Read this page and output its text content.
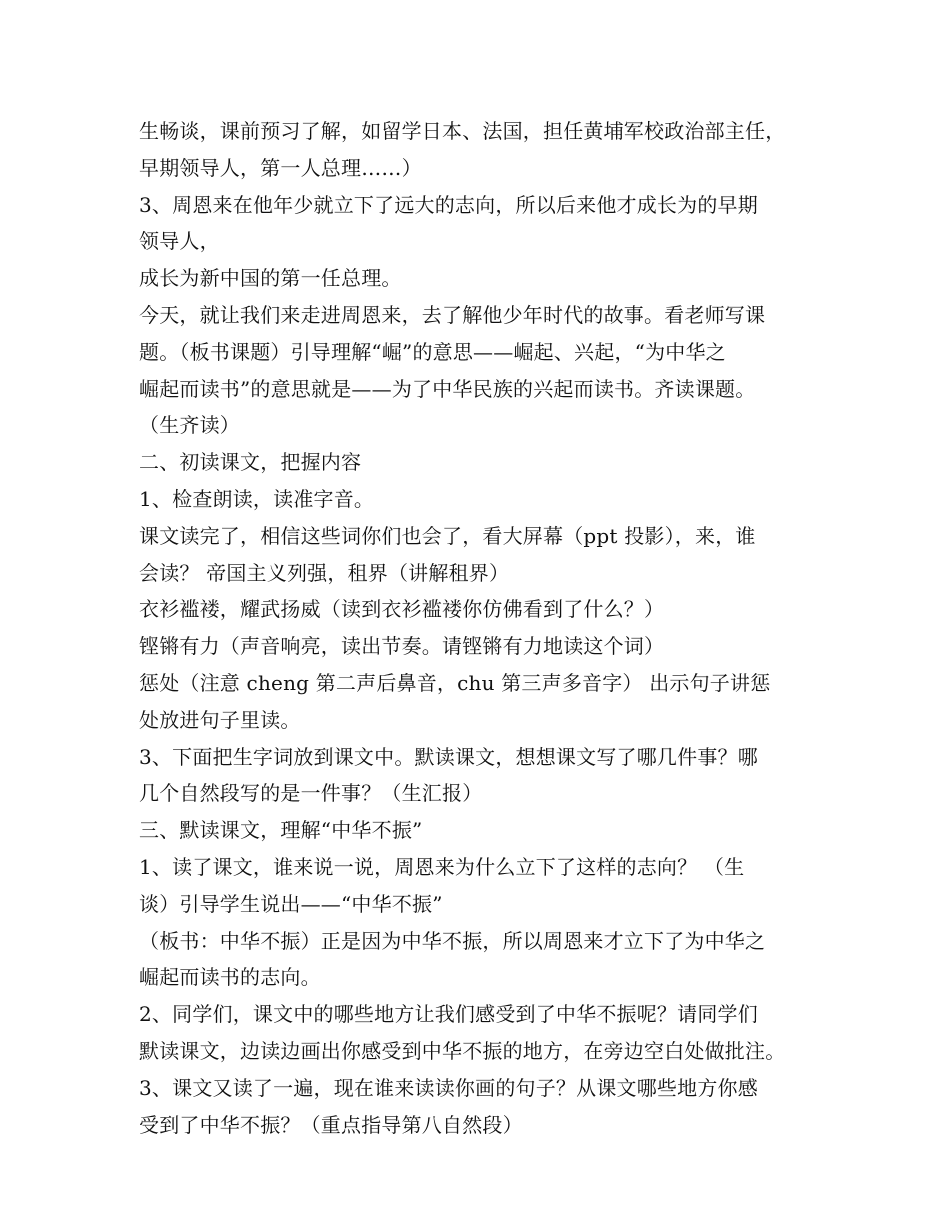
生畅谈，课前预习了解，如留学日本、法国，担任黄埔军校政治部主任，
早期领导人，第一人总理……）
3、周恩来在他年少就立下了远大的志向，所以后来他才成长为的早期
领导人，
成长为新中国的第一任总理。
今天，就让我们来走进周恩来，去了解他少年时代的故事。看老师写课
题。（板书课题）引导理解“崛”的意思——崛起、兴起，“为中华之
崛起而读书”的意思就是——为了中华民族的兴起而读书。齐读课题。
（生齐读）
二、初读课文，把握内容
1、检查朗读，读准字音。
课文读完了，相信这些词你们也会了，看大屏幕（ppt 投影），来，谁
会读？ 帝国主义列强，租界（讲解租界）
衣衫褴褛，耀武扬威（读到衣衫褴褛你仿佛看到了什么？）
铿锵有力（声音响亮，读出节奏。请铿锵有力地读这个词）
惩处（注意 cheng 第二声后鼻音，chu 第三声多音字） 出示句子讲惩
处放进句子里读。
3、下面把生字词放到课文中。默读课文，想想课文写了哪几件事？哪
几个自然段写的是一件事？（生汇报）
三、默读课文，理解“中华不振”
1、读了课文，谁来说一说，周恩来为什么立下了这样的志向？ （生
谈）引导学生说出——“中华不振”
（板书：中华不振）正是因为中华不振，所以周恩来才立下了为中华之
崛起而读书的志向。
2、同学们，课文中的哪些地方让我们感受到了中华不振呢？请同学们
默读课文，边读边画出你感受到中华不振的地方，在旁边空白处做批注。
3、课文又读了一遍，现在谁来读读你画的句子？从课文哪些地方你感
受到了中华不振？（重点指导第八自然段）
